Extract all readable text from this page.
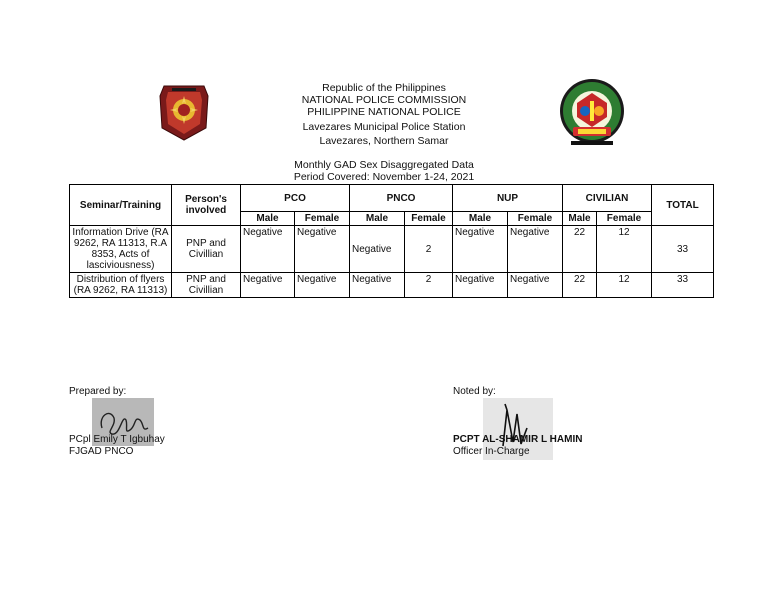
Republic of the Philippines
NATIONAL POLICE COMMISSION
PHILIPPINE NATIONAL POLICE
Lavezares Municipal Police Station
Lavezares, Northern Samar
Monthly GAD Sex Disaggregated Data
Period Covered: November 1-24, 2021
Seminar/Training	Person's involved	PCO		PNCO		NUP		CIVILIAN		TOTAL
		Male	Female	Male	Female	Male	Female	Male	Female	
Information Drive (RA 9262, RA 11313, R.A 8353, Acts of lasciviousness)	PNP and Civillian	Negative	Negative	Negative	2	Negative	Negative	22	12	33
Distribution of flyers (RA 9262, RA 11313)	PNP and Civillian	Negative	Negative	Negative	2	Negative	Negative	22	12	33
Prepared by:
PCpl Emily T Igbuhay
FJGAD PNCO
Noted by:
PCPT AL-SHAMIR L HAMIN
Officer In-Charge
